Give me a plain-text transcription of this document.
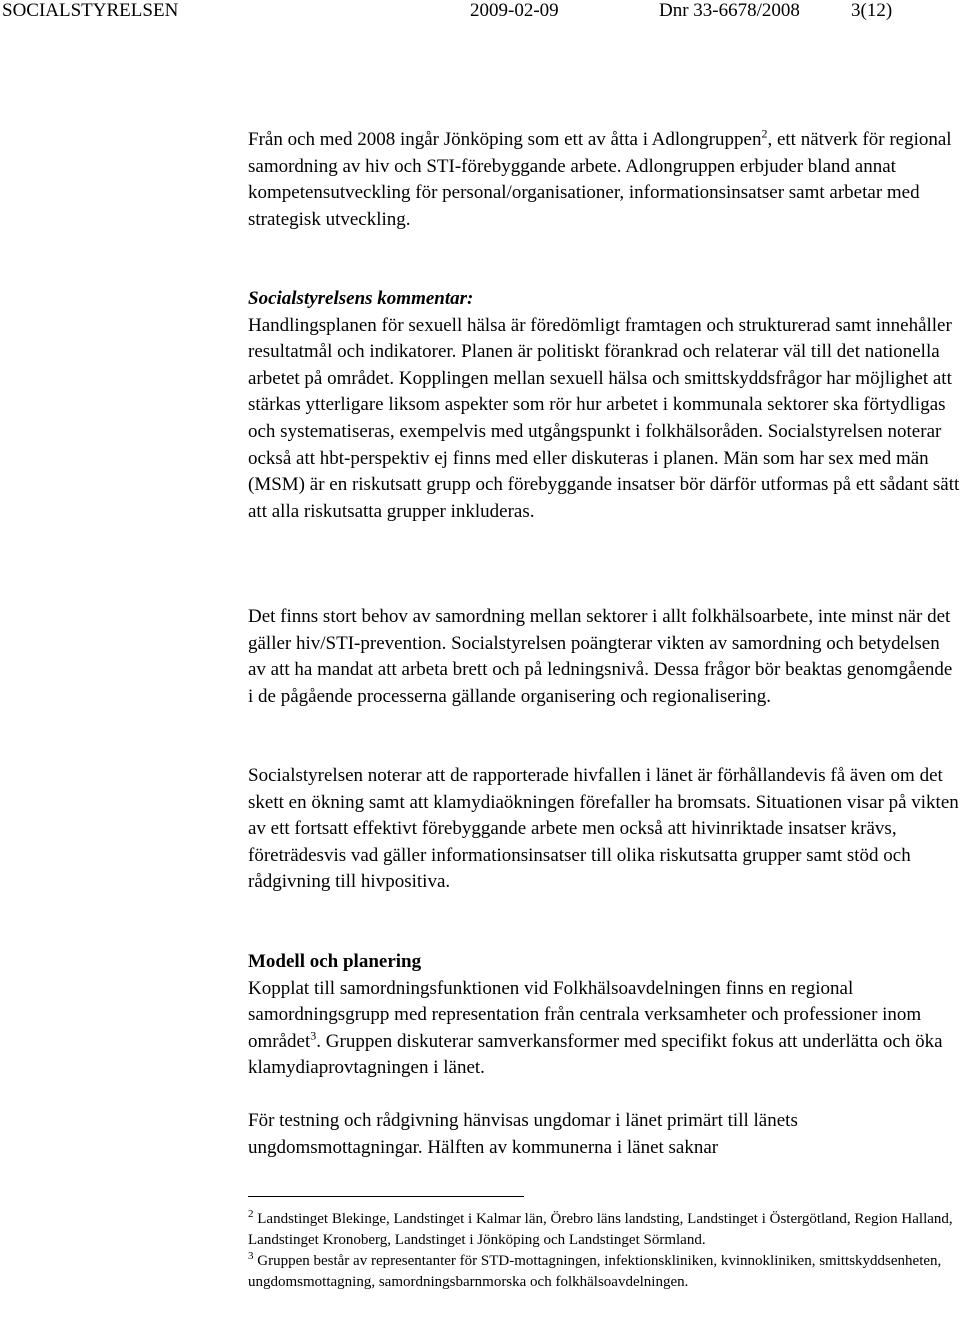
SOCIALSTYRELSEN	2009-02-09	Dnr 33-6678/2008	3(12)

Från och med 2008 ingår Jönköping som ett av åtta i Adlongruppen$^2$, ett nätverk för regional samordning av hiv och STI-förebyggande arbete. Adlongruppen erbjuder bland annat kompetensutveckling för personal/organisationer, informationsinsatser samt arbetar med strategisk utveckling.

Socialstyrelsens kommentar:

Handlingsplanen för sexuell hälsa är föredömligt framtagen och strukturerad samt innehåller resultatmål och indikatorer. Planen är politiskt förankrad och relaterar väl till det nationella arbetet på området. Kopplingen mellan sexuell hälsa och smittskyddsfrågor har möjlighet att stärkas ytterligare liksom aspekter som rör hur arbetet i kommunala sektorer ska förtydligas och systematiseras, exempelvis med utgångspunkt i folkhälsoråden. Socialstyrelsen noterar också att hbt-perspektiv ej finns med eller diskuteras i planen. Män som har sex med män (MSM) är en riskutsatt grupp och förebyggande insatser bör därför utformas på ett sådant sätt att alla riskutsatta grupper inkluderas.

Det finns stort behov av samordning mellan sektorer i allt folkhälsoarbete, inte minst när det gäller hiv/STI-prevention. Socialstyrelsen poängterar vikten av samordning och betydelsen av att ha mandat att arbeta brett och på ledningsnivå. Dessa frågor bör beaktas genomgående i de pågående processerna gällande organisering och regionalisering.

Socialstyrelsen noterar att de rapporterade hivfallen i länet är förhållandevis få även om det skett en ökning samt att klamydiaökningen förefaller ha bromsats. Situationen visar på vikten av ett fortsatt effektivt förebyggande arbete men också att hivinriktade insatser krävs, företrädesvis vad gäller informationsinsatser till olika riskutsatta grupper samt stöd och rådgivning till hivpositiva.

Modell och planering

Kopplat till samordningsfunktionen vid Folkhälsoavdelningen finns en regional samordningsgrupp med representation från centrala verksamheter och professioner inom området$^3$. Gruppen diskuterar samverkansformer med specifikt fokus att underlätta och öka klamydiaprovtagningen i länet.

För testning och rådgivning hänvisas ungdomar i länet primärt till länets ungdomsmottagningar. Hälften av kommunerna i länet saknar

$^2$ Landstinget Blekinge, Landstinget i Kalmar län, Örebro läns landsting, Landstinget i Östergötland, Region Halland, Landstinget Kronoberg, Landstinget i Jönköping och Landstinget Sörmland.

$^3$ Gruppen består av representanter för STD-mottagningen, infektionskliniken, kvinnokliniken, smittskyddsenheten, ungdomsmottagning, samordningsbarnmorska och folkhälsoavdelningen.
